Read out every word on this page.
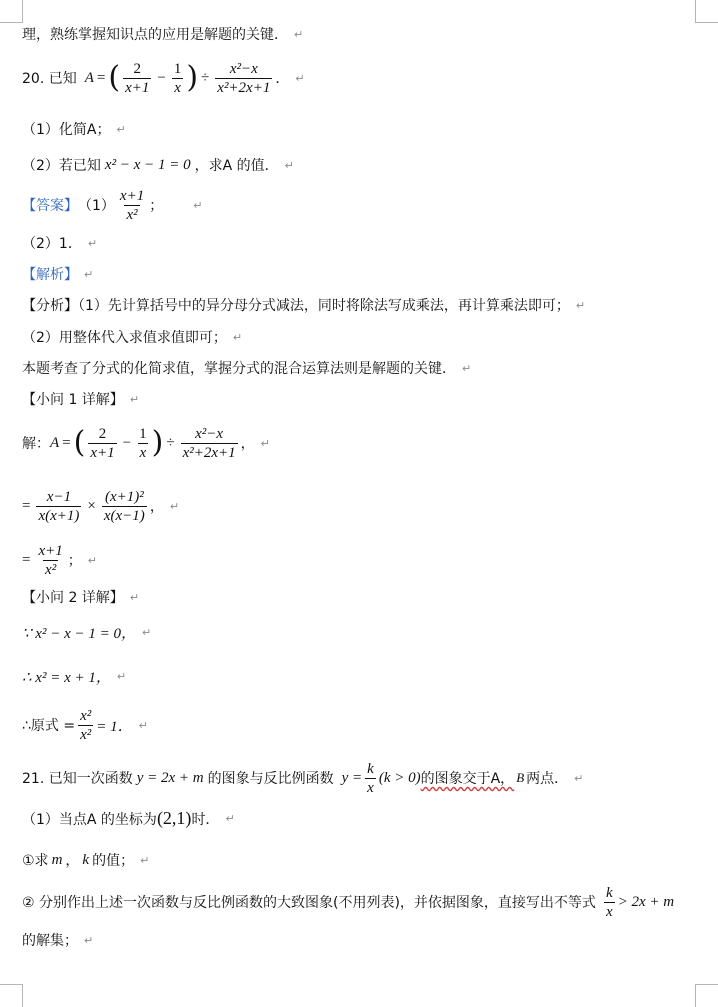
理，熟练掌握知识点的应用是解题的关键． ↵
20. 已知 A = ( $\frac{2}{x+1} - \frac{1}{x}$ ) ÷ $\frac{\text{x²−x}}{\text{x²+2x+1}}$ ． ↵
（1）化简A； ↵
（2）若已知 x² − x − 1 = 0 ，求A 的值． ↵
【答案】 $(1) \frac{x+1}{\text{x²}}$ ；	↵
（2）1． ↵
【解析】 ↵
【分析】（1）先计算括号中的异分母分式减法，同时将除法写成乘法，再计算乘法即可； ↵
（2）用整体代入求值求值即可； ↵
本题考查了分式的化简求值，掌握分式的混合运算法则是解题的关键． ↵
【小问 1 详解】 ↵
解： A = ( $\frac{2}{x+1} - \frac{1}{x}$ ) ÷ $\frac{\text{x²−x}}{\text{x²+2x+1}}$ ， ↵
= $\frac{x-1}{x(x+1)} \times \frac{\text{(x+1)²}}{x(x-1)}$ ， ↵
= $\frac{x+1}{\text{x²}}$ ； ↵
【小问 2 详解】 ↵
∵ x² − x − 1 = 0， ↵
∴ x² = x + 1， ↵
∴原式 = $\frac{\text{x²}}{\text{x²}} = 1$． ↵
21. 已知一次函数 y = 2x + m 的图象与反比例函数 $y = \frac{k}{x} (k > 0)$ 的图象交于A， B 两点． ↵
（1）当点A 的坐标为 (2,1) 时． ↵
①求 m ， k 的值； ↵
② 分别作出上述一次函数与反比例函数的大致图象(不用列表)，并依据图象，直接写出不等式 $\frac{k}{x} > 2x + m$
的解集； ↵
